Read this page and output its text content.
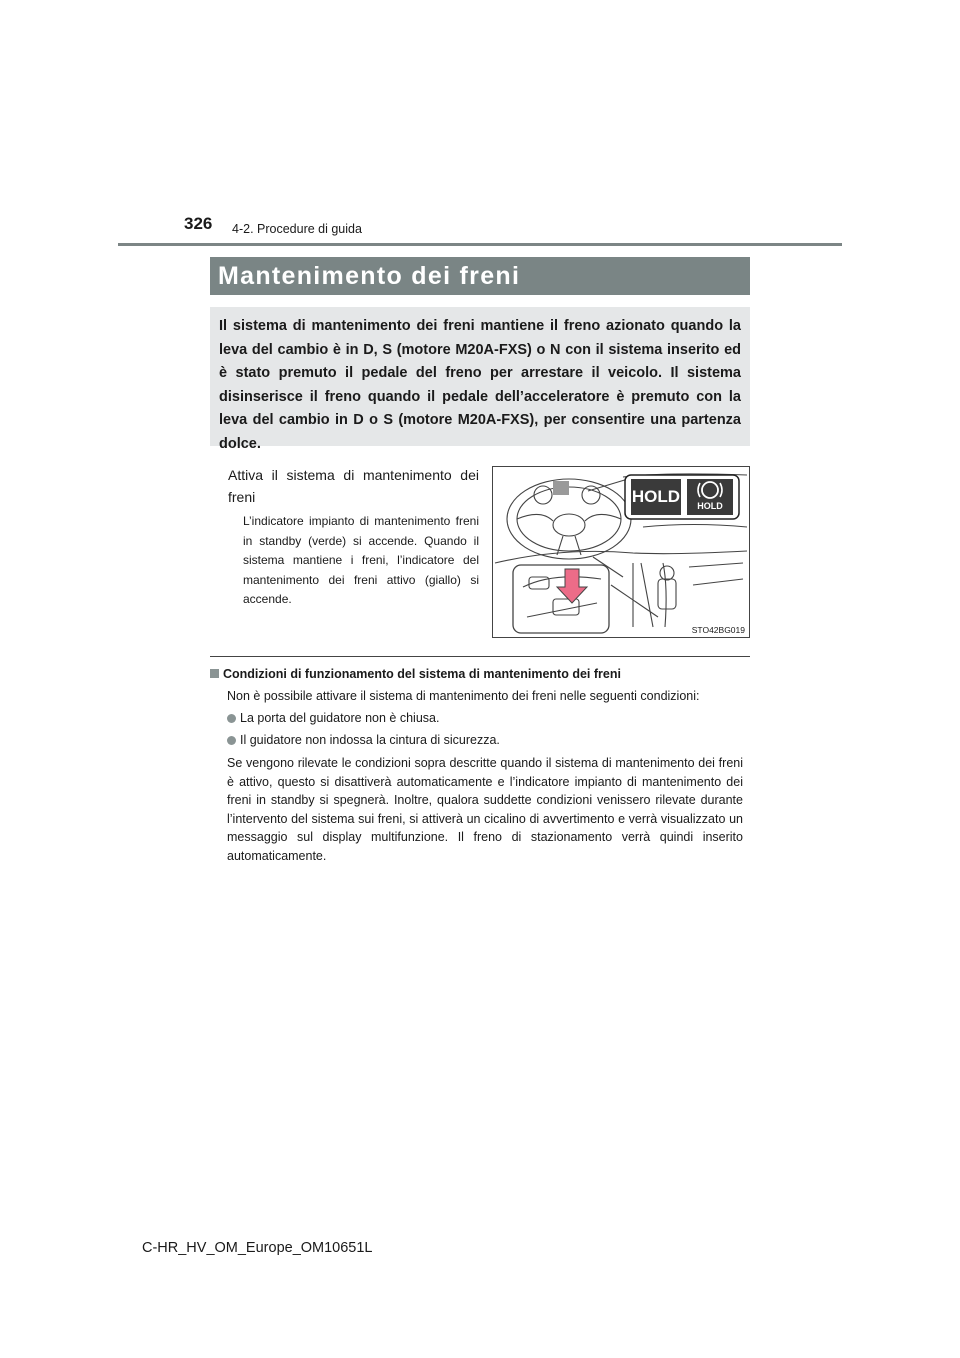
326 4-2. Procedure di guida
Mantenimento dei freni

Il sistema di mantenimento dei freni mantiene il freno azionato quando la leva del cambio è in D, S (motore M20A-FXS) o N con il sistema inserito ed è stato premuto il pedale del freno per arrestare il veicolo. Il sistema disinserisce il freno quando il pedale dell’acceleratore è premuto con la leva del cambio in D o S (motore M20A-FXS), per consentire una partenza dolce.

Attiva il sistema di mantenimento dei freni

L’indicatore impianto di mantenimento freni in standby (verde) si accende. Quando il sistema mantiene i freni, l’indicatore del mantenimento dei freni attivo (giallo) si accende.

HOLD	HOLD
STO42BG019
Condizioni di funzionamento del sistema di mantenimento dei freni

Non è possibile attivare il sistema di mantenimento dei freni nelle seguenti condizioni:

La porta del guidatore non è chiusa.

Il guidatore non indossa la cintura di sicurezza.

Se vengono rilevate le condizioni sopra descritte quando il sistema di mantenimento dei freni è attivo, questo si disattiverà automaticamente e l’indicatore impianto di mantenimento dei freni in standby si spegnerà. Inoltre, qualora suddette condizioni venissero rilevate durante l’intervento del sistema sui freni, si attiverà un cicalino di avvertimento e verrà visualizzato un messaggio sul display multifunzione. Il freno di stazionamento verrà quindi inserito automaticamente.

C-HR_HV_OM_Europe_OM10651L
